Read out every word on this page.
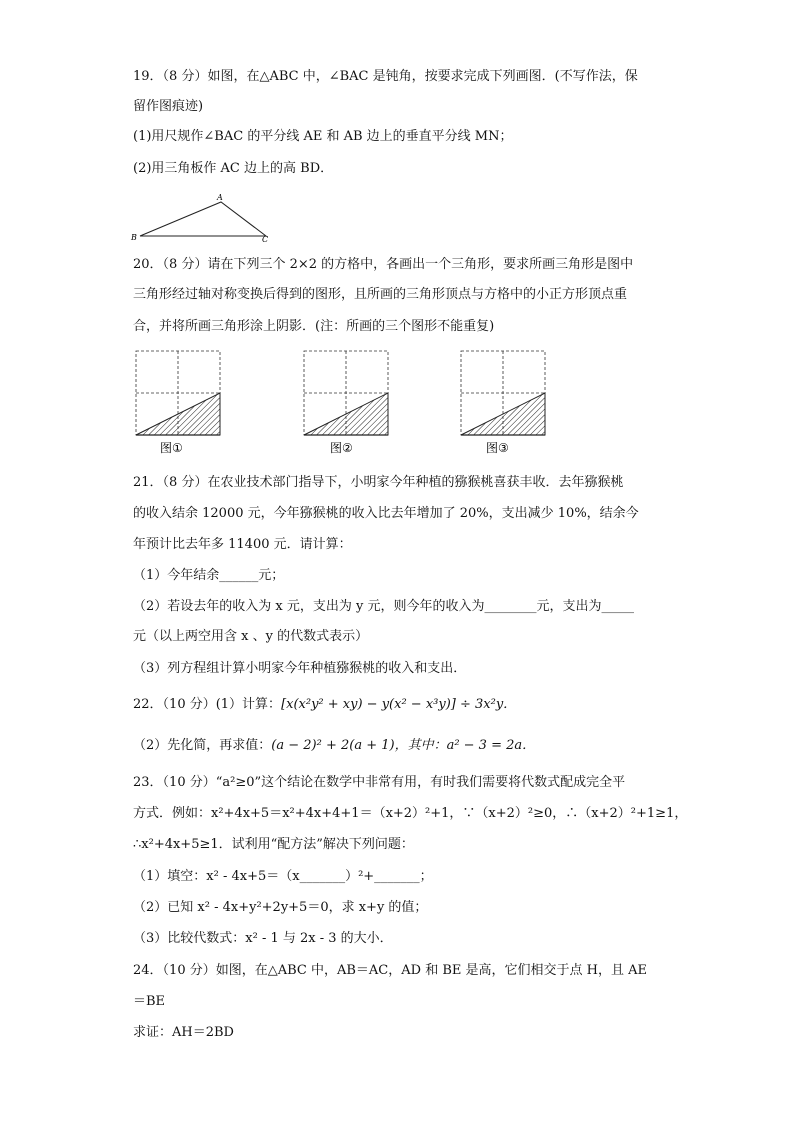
19．（8 分）如图，在△ABC 中，∠BAC 是钝角，按要求完成下列画图．(不写作法，保
留作图痕迹)
(1)用尺规作∠BAC 的平分线 AE 和 AB 边上的垂直平分线 MN；
(2)用三角板作 AC 边上的高 BD．
A
B	C
20．（8 分）请在下列三个 2×2 的方格中，各画出一个三角形，要求所画三角形是图中
三角形经过轴对称变换后得到的图形，且所画的三角形顶点与方格中的小正方形顶点重
合，并将所画三角形涂上阴影．(注：所画的三个图形不能重复)
图①	图②	图③
21．（8 分）在农业技术部门指导下，小明家今年种植的猕猴桃喜获丰收．去年猕猴桃
的收入结余 12000 元，今年猕猴桃的收入比去年增加了 20%，支出减少 10%，结余今
年预计比去年多 11400 元．请计算：
（1）今年结余______元；
（2）若设去年的收入为 x 元，支出为 y 元，则今年的收入为________元，支出为_____
元（以上两空用含 x 、y 的代数式表示）
（3）列方程组计算小明家今年种植猕猴桃的收入和支出．
22．（10 分）(1）计算：[x(x²y² + xy) − y(x² − x³y)] ÷ 3x²y．
（2）先化简，再求值：(a − 2)² + 2(a + 1)，其中：a² − 3 = 2a．
23．（10 分）“a²≥0”这个结论在数学中非常有用，有时我们需要将代数式配成完全平
方式．例如：x²+4x+5＝x²+4x+4+1＝（x+2）²+1，∵（x+2）²≥0，∴（x+2）²+1≥1，
∴x²+4x+5≥1．试利用“配方法”解决下列问题：
（1）填空：x² - 4x+5＝（x_______）²+_______；
（2）已知 x² - 4x+y²+2y+5＝0，求 x+y 的值；
（3）比较代数式：x² - 1 与 2x - 3 的大小．
24．（10 分）如图，在△ABC 中，AB＝AC，AD 和 BE 是高，它们相交于点 H，且 AE
＝BE
求证：AH＝2BD
